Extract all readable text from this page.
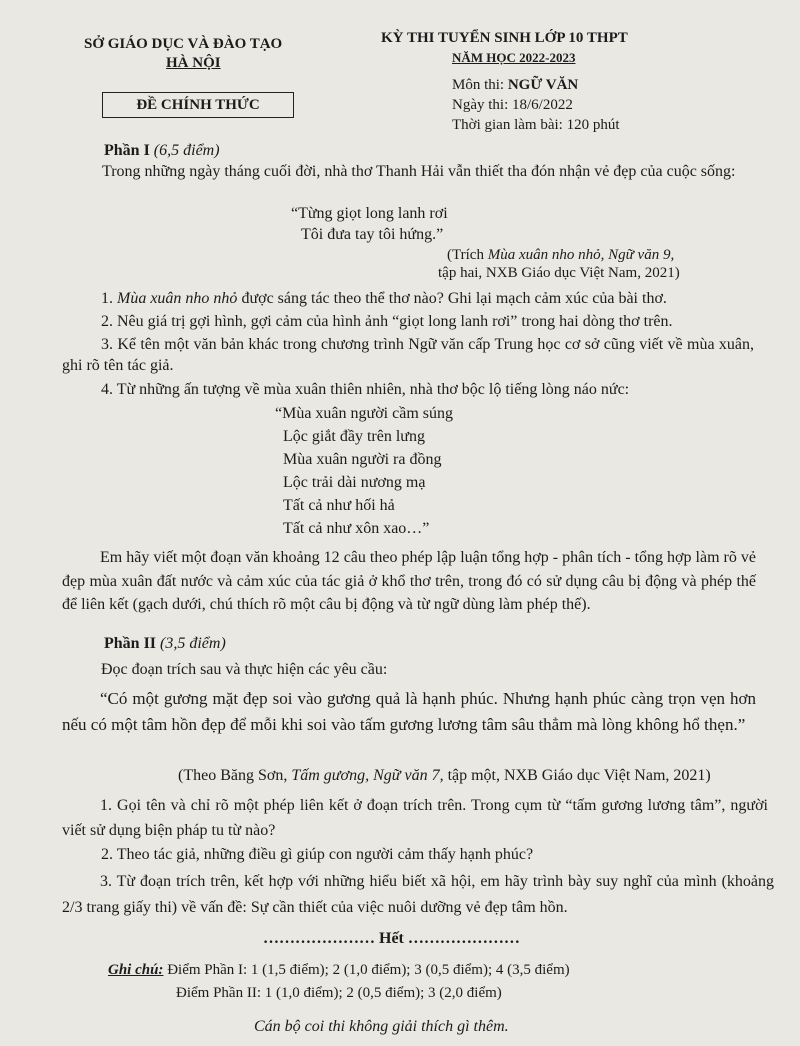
SỞ GIÁO DỤC VÀ ĐÀO TẠO
HÀ NỘI
ĐỀ CHÍNH THỨC
KỲ THI TUYỂN SINH LỚP 10 THPT
NĂM HỌC 2022-2023
Môn thi: NGỮ VĂN
Ngày thi: 18/6/2022
Thời gian làm bài: 120 phút
Phần I (6,5 điểm)
Trong những ngày tháng cuối đời, nhà thơ Thanh Hải vẫn thiết tha đón nhận vẻ đẹp của cuộc sống:
“Từng giọt long lanh rơi
Tôi đưa tay tôi hứng.”
(Trích Mùa xuân nho nhỏ, Ngữ văn 9,
tập hai, NXB Giáo dục Việt Nam, 2021)
1. Mùa xuân nho nhỏ được sáng tác theo thể thơ nào? Ghi lại mạch cảm xúc của bài thơ.
2. Nêu giá trị gợi hình, gợi cảm của hình ảnh “giọt long lanh rơi” trong hai dòng thơ trên.
3. Kể tên một văn bản khác trong chương trình Ngữ văn cấp Trung học cơ sở cũng viết về mùa xuân, ghi rõ tên tác giả.
4. Từ những ấn tượng về mùa xuân thiên nhiên, nhà thơ bộc lộ tiếng lòng náo nức:
“Mùa xuân người cầm súng
Lộc giắt đầy trên lưng
Mùa xuân người ra đồng
Lộc trải dài nương mạ
Tất cả như hối hả
Tất cả như xôn xao…”
Em hãy viết một đoạn văn khoảng 12 câu theo phép lập luận tổng hợp - phân tích - tổng hợp làm rõ vẻ đẹp mùa xuân đất nước và cảm xúc của tác giả ở khổ thơ trên, trong đó có sử dụng câu bị động và phép thế để liên kết (gạch dưới, chú thích rõ một câu bị động và từ ngữ dùng làm phép thế).
Phần II (3,5 điểm)
Đọc đoạn trích sau và thực hiện các yêu cầu:
“Có một gương mặt đẹp soi vào gương quả là hạnh phúc. Nhưng hạnh phúc càng trọn vẹn hơn nếu có một tâm hồn đẹp để mỗi khi soi vào tấm gương lương tâm sâu thẳm mà lòng không hổ thẹn.”
(Theo Băng Sơn, Tấm gương, Ngữ văn 7, tập một, NXB Giáo dục Việt Nam, 2021)
1. Gọi tên và chỉ rõ một phép liên kết ở đoạn trích trên. Trong cụm từ “tấm gương lương tâm”, người viết sử dụng biện pháp tu từ nào?
2. Theo tác giả, những điều gì giúp con người cảm thấy hạnh phúc?
3. Từ đoạn trích trên, kết hợp với những hiểu biết xã hội, em hãy trình bày suy nghĩ của mình (khoảng 2/3 trang giấy thi) về vấn đề: Sự cần thiết của việc nuôi dưỡng vẻ đẹp tâm hồn.
………………… Hết …………………
Ghi chú: Điểm Phần I: 1 (1,5 điểm); 2 (1,0 điểm); 3 (0,5 điểm); 4 (3,5 điểm)
Điểm Phần II: 1 (1,0 điểm); 2 (0,5 điểm); 3 (2,0 điểm)
Cán bộ coi thi không giải thích gì thêm.
